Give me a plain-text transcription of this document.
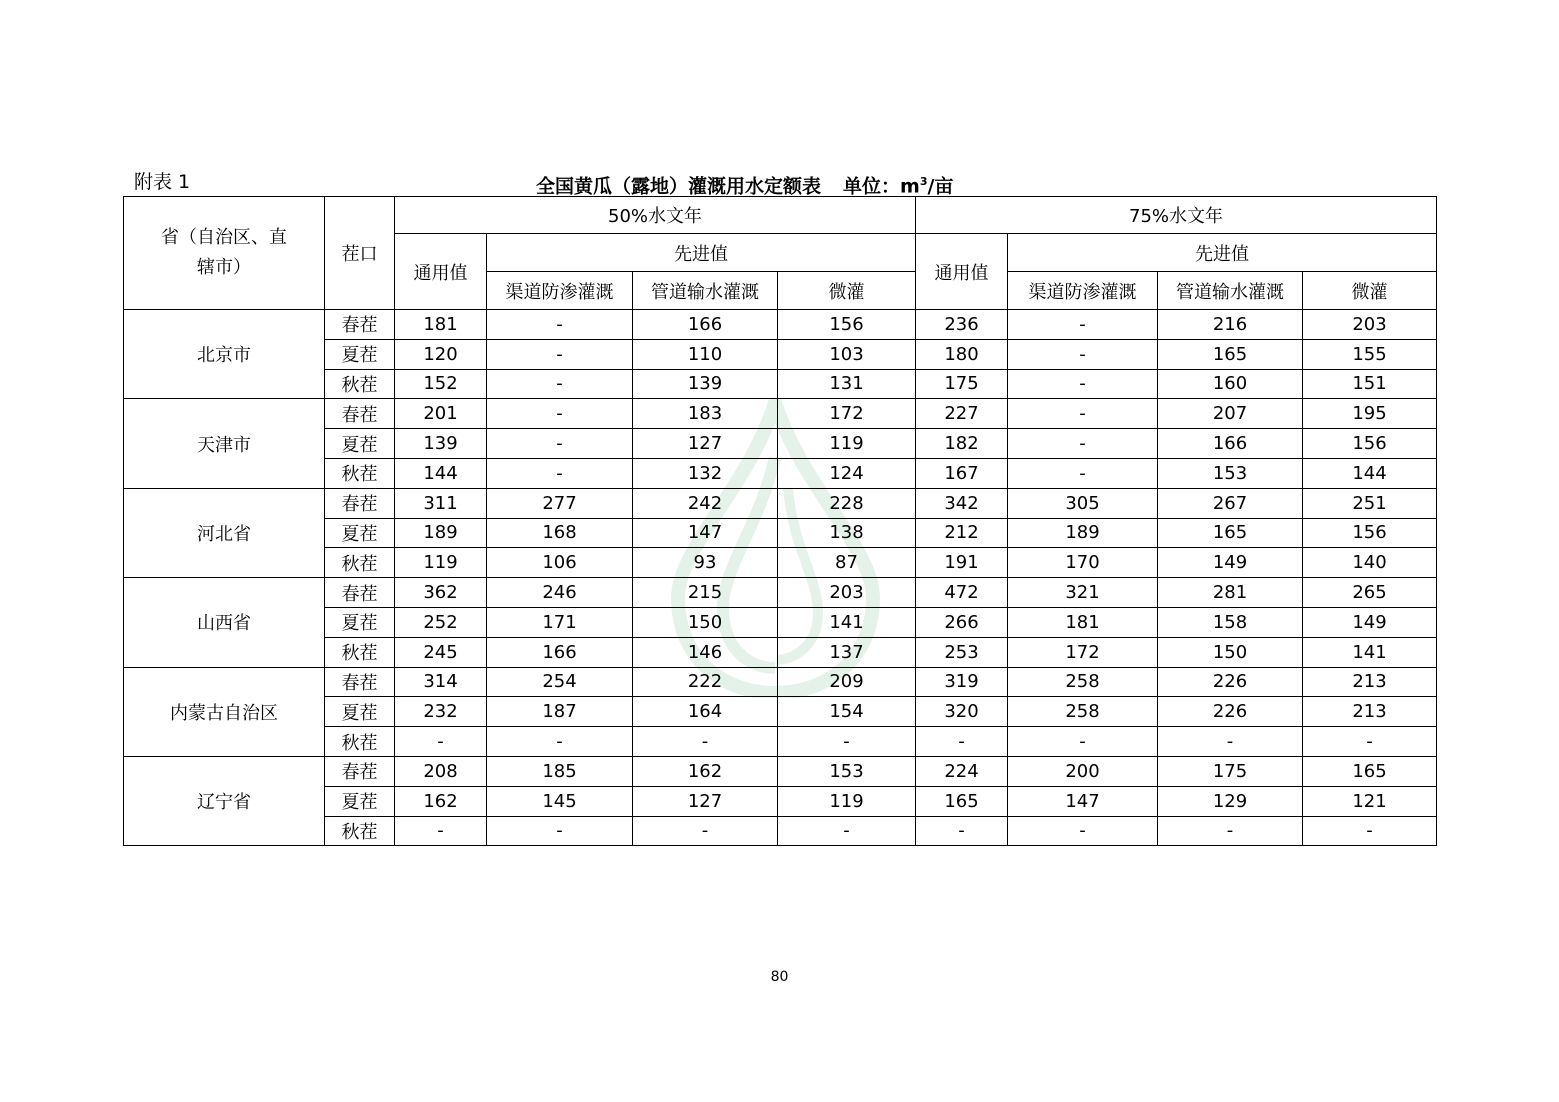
附表 1	全国黄瓜（露地）灌溉用水定额表 单位：$m^3/$亩
省（自治区、直辖市）	茬口	50%水文年				75%水文年			
		通用值	先进值			通用值	先进值		
			渠道防渗灌溉	管道输水灌溉	微灌		渠道防渗灌溉	管道输水灌溉	微灌
北京市	春茬	181	-	166	156	236	-	216	203
	夏茬	120	-	110	103	180	-	165	155
	秋茬	152	-	139	131	175	-	160	151
天津市	春茬	201	-	183	172	227	-	207	195
	夏茬	139	-	127	119	182	-	166	156
	秋茬	144	-	132	124	167	-	153	144
河北省	春茬	311	277	242	228	342	305	267	251
	夏茬	189	168	147	138	212	189	165	156
	秋茬	119	106	93	87	191	170	149	140
山西省	春茬	362	246	215	203	472	321	281	265
	夏茬	252	171	150	141	266	181	158	149
	秋茬	245	166	146	137	253	172	150	141
内蒙古自治区	春茬	314	254	222	209	319	258	226	213
	夏茬	232	187	164	154	320	258	226	213
	秋茬	-	-	-	-	-	-	-	-
辽宁省	春茬	208	185	162	153	224	200	175	165
	夏茬	162	145	127	119	165	147	129	121
	秋茬	-	-	-	-	-	-	-	-
80
